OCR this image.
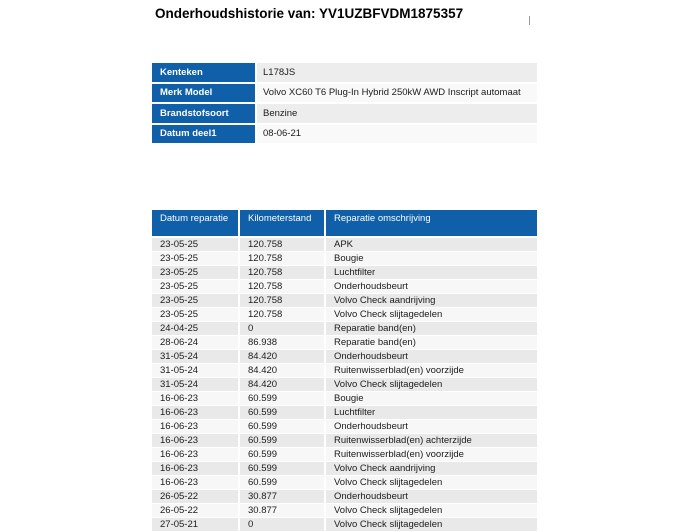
Onderhoudshistorie van: YV1UZBFVDM1875357
Kenteken	L178JS
Merk Model	Volvo XC60 T6 Plug-In Hybrid 250kW AWD Inscript automaat
Brandstofsoort	Benzine
Datum deel1	08-06-21
Datum reparatie	Kilometerstand	Reparatie omschrijving
23-05-25	120.758	APK
23-05-25	120.758	Bougie
23-05-25	120.758	Luchtfilter
23-05-25	120.758	Onderhoudsbeurt
23-05-25	120.758	Volvo Check aandrijving
23-05-25	120.758	Volvo Check slijtagedelen
24-04-25	0	Reparatie band(en)
28-06-24	86.938	Reparatie band(en)
31-05-24	84.420	Onderhoudsbeurt
31-05-24	84.420	Ruitenwisserblad(en) voorzijde
31-05-24	84.420	Volvo Check slijtagedelen
16-06-23	60.599	Bougie
16-06-23	60.599	Luchtfilter
16-06-23	60.599	Onderhoudsbeurt
16-06-23	60.599	Ruitenwisserblad(en) achterzijde
16-06-23	60.599	Ruitenwisserblad(en) voorzijde
16-06-23	60.599	Volvo Check aandrijving
16-06-23	60.599	Volvo Check slijtagedelen
26-05-22	30.877	Onderhoudsbeurt
26-05-22	30.877	Volvo Check slijtagedelen
27-05-21	0	Volvo Check slijtagedelen
